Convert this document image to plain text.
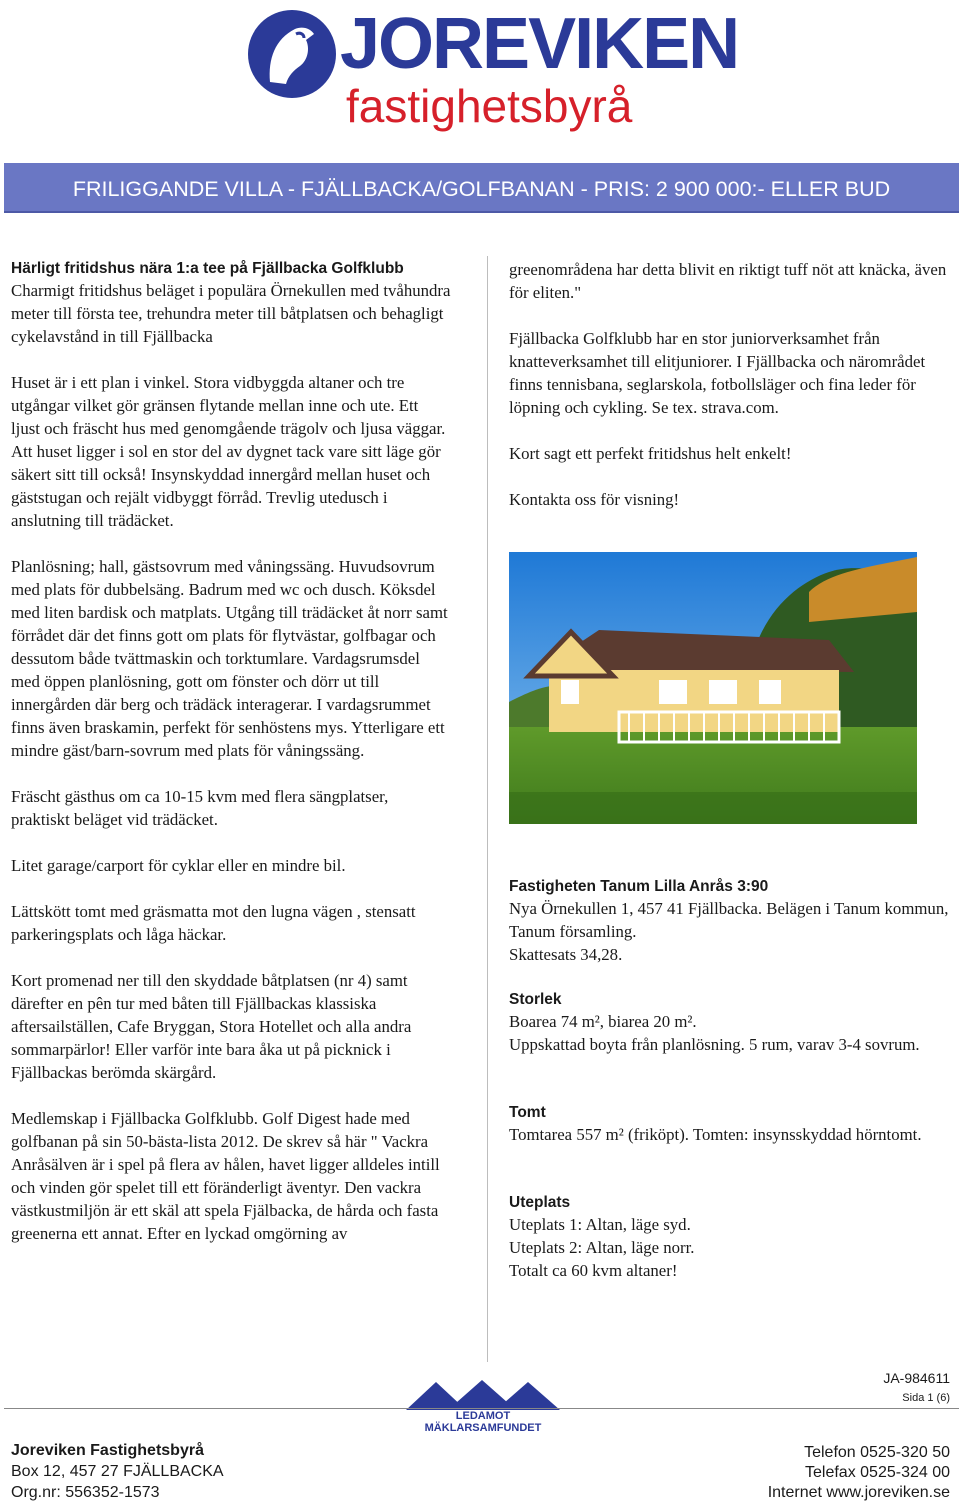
JOREVIKEN
fastighetsbyrå
FRILIGGANDE VILLA - FJÄLLBACKA/GOLFBANAN - PRIS: 2 900 000:- ELLER BUD

Härligt fritidshus nära 1:a tee på Fjällbacka Golfklubb
Charmigt fritidshus beläget i populära Örnekullen med tvåhundra meter till första tee, trehundra meter till båtplatsen och behagligt cykelavstånd in till Fjällbacka

Huset är i ett plan i vinkel. Stora vidbyggda altaner och tre utgångar vilket gör gränsen flytande mellan inne och ute. Ett ljust och fräscht hus med genomgående trägolv och ljusa väggar. Att huset ligger i sol en stor del av dygnet tack vare sitt läge gör säkert sitt till också! Insynskyddad innergård mellan huset och gäststugan och rejält vidbyggt förråd. Trevlig utedusch i anslutning till trädäcket.

Planlösning; hall, gästsovrum med våningssäng. Huvudsovrum med plats för dubbelsäng. Badrum med wc och dusch. Köksdel med liten bardisk och matplats. Utgång till trädäcket åt norr samt förrådet där det finns gott om plats för flytvästar, golfbagar och dessutom både tvättmaskin och torktumlare. Vardagsrumsdel med öppen planlösning, gott om fönster och dörr ut till innergården där berg och trädäck interagerar. I vardagsrummet finns även braskamin, perfekt för senhöstens mys. Ytterligare ett mindre gäst/barn-sovrum med plats för våningssäng.

Fräscht gästhus om ca 10-15 kvm med flera sängplatser, praktiskt beläget vid trädäcket.

Litet garage/carport för cyklar eller en mindre bil.

Lättskött tomt med gräsmatta mot den lugna vägen , stensatt parkeringsplats och låga häckar.

Kort promenad ner till den skyddade båtplatsen (nr 4) samt därefter en pên tur med båten till Fjällbackas klassiska aftersailställen, Cafe Bryggan, Stora Hotellet och alla andra sommarpärlor! Eller varför inte bara åka ut på picknick i Fjällbackas berömda skärgård.

Medlemskap i Fjällbacka Golfklubb. Golf Digest hade med golfbanan på sin 50-bästa-lista 2012. De skrev så här " Vackra Anråsälven är i spel på flera av hålen, havet ligger alldeles intill och vinden gör spelet till ett föränderligt äventyr. Den vackra västkustmiljön är ett skäl att spela Fjälbacka, de hårda och fasta greenerna ett annat. Efter en lyckad omgörning av

greenområdena har detta blivit en riktigt tuff nöt att knäcka, även för eliten."

Fjällbacka Golfklubb har en stor juniorverksamhet från knatteverksamhet till elitjuniorer. I Fjällbacka och närområdet finns tennisbana, seglarskola, fotbollsläger och fina leder för löpning och cykling. Se tex. strava.com.

Kort sagt ett perfekt fritidshus helt enkelt!

Kontakta oss för visning!

Fastigheten Tanum Lilla Anrås 3:90
Nya Örnekullen 1, 457 41 Fjällbacka. Belägen i Tanum kommun, Tanum församling.
Skattesats 34,28.
Storlek
Boarea 74 m², biarea 20 m².
Uppskattad boyta från planlösning. 5 rum, varav 3-4 sovrum.
Tomt
Tomtarea 557 m² (friköpt). Tomten: insynsskyddad hörntomt.
Uteplats
Uteplats 1: Altan, läge syd.
Uteplats 2: Altan, läge norr.
Totalt ca 60 kvm altaner!
JA-984611
Sida 1 (6)
LEDAMOT MÄKLARSAMFUNDET
Joreviken Fastighetsbyrå
Box 12, 457 27 FJÄLLBACKA
Org.nr: 556352-1573
Telefon 0525-320 50
Telefax 0525-324 00
Internet www.joreviken.se
